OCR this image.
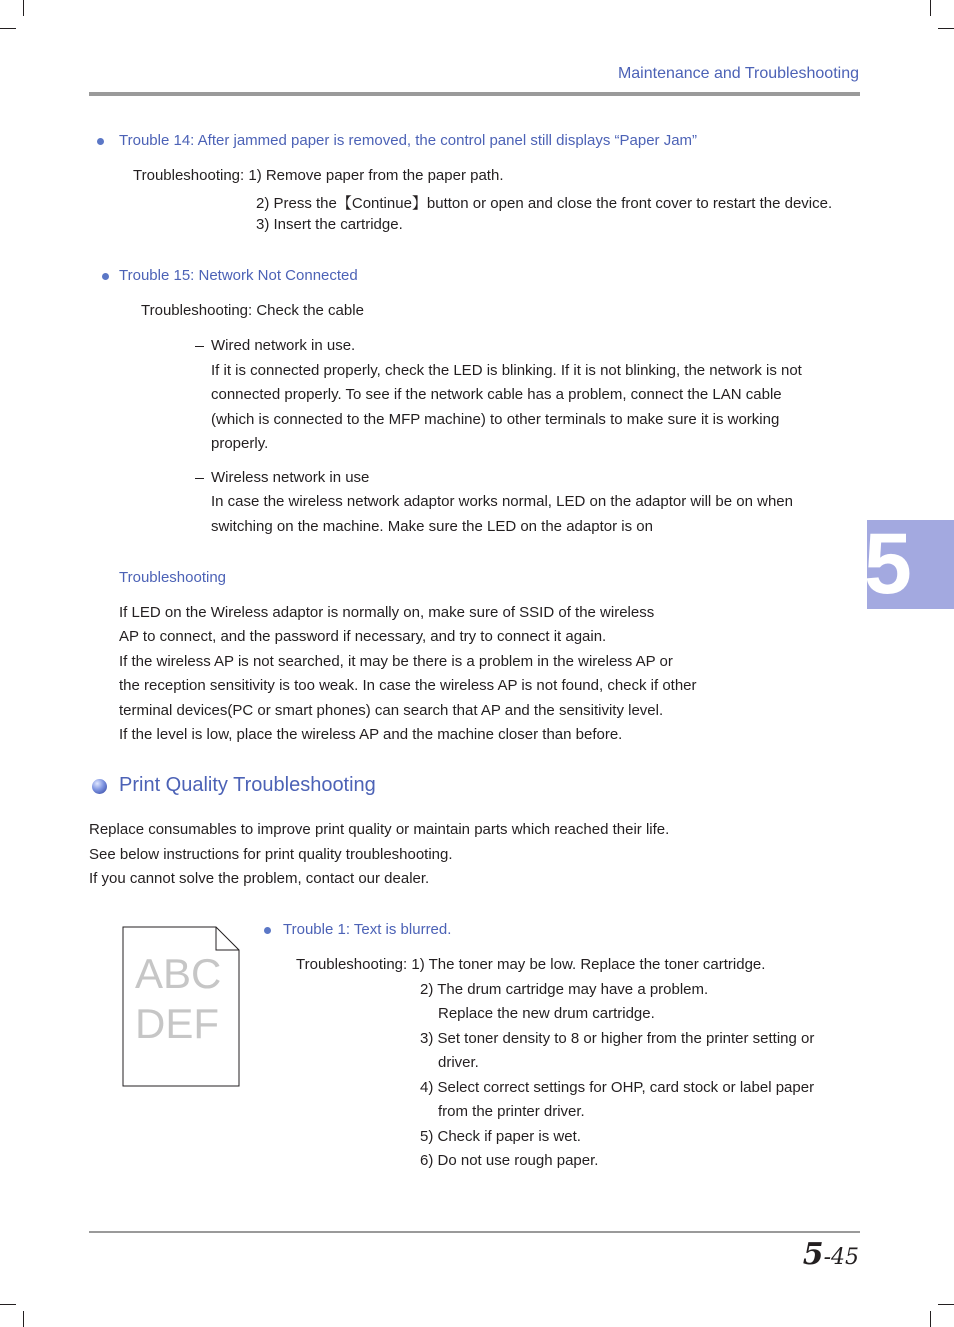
Maintenance and Troubleshooting
5
Trouble 14: After jammed paper is removed, the control panel still displays “Paper Jam”
Troubleshooting: 1) Remove paper from the paper path.
2) Press the【Continue】button or open and close the front cover to restart the device.
3) Insert the cartridge.
Trouble 15: Network Not Connected
Troubleshooting: Check the cable
Wired network in use.
If it is connected properly, check the LED is blinking. If it is not blinking, the network is not
connected properly. To see if the network cable has a problem, connect the LAN cable
(which is connected to the MFP machine) to other terminals to make sure it is working
properly.
Wireless network in use
In case the wireless network adaptor works normal, LED on the adaptor will be on when
switching on the machine. Make sure the LED on the adaptor is on
Troubleshooting
If LED on the Wireless adaptor is normally on, make sure of SSID of the wireless
AP to connect, and the password if necessary, and try to connect it again.
If the wireless AP is not searched, it may be there is a problem in the wireless AP or
the reception sensitivity is too weak. In case the wireless AP is not found, check if other
terminal devices(PC or smart phones) can search that AP and the sensitivity level.
If the level is low, place the wireless AP and the machine closer than before.
Print Quality Troubleshooting
Replace consumables to improve print quality or maintain parts which reached their life.
See below instructions for print quality troubleshooting.
If you cannot solve the problem, contact our dealer.
ABC
DEF
Trouble 1: Text is blurred.
Troubleshooting: 1) The toner may be low. Replace the toner cartridge.
2) The drum cartridge may have a problem.
Replace the new drum cartridge.
3) Set toner density to 8 or higher from the printer setting or
driver.
4) Select correct settings for OHP, card stock or label paper
from the printer driver.
5) Check if paper is wet.
6) Do not use rough paper.
5-45
